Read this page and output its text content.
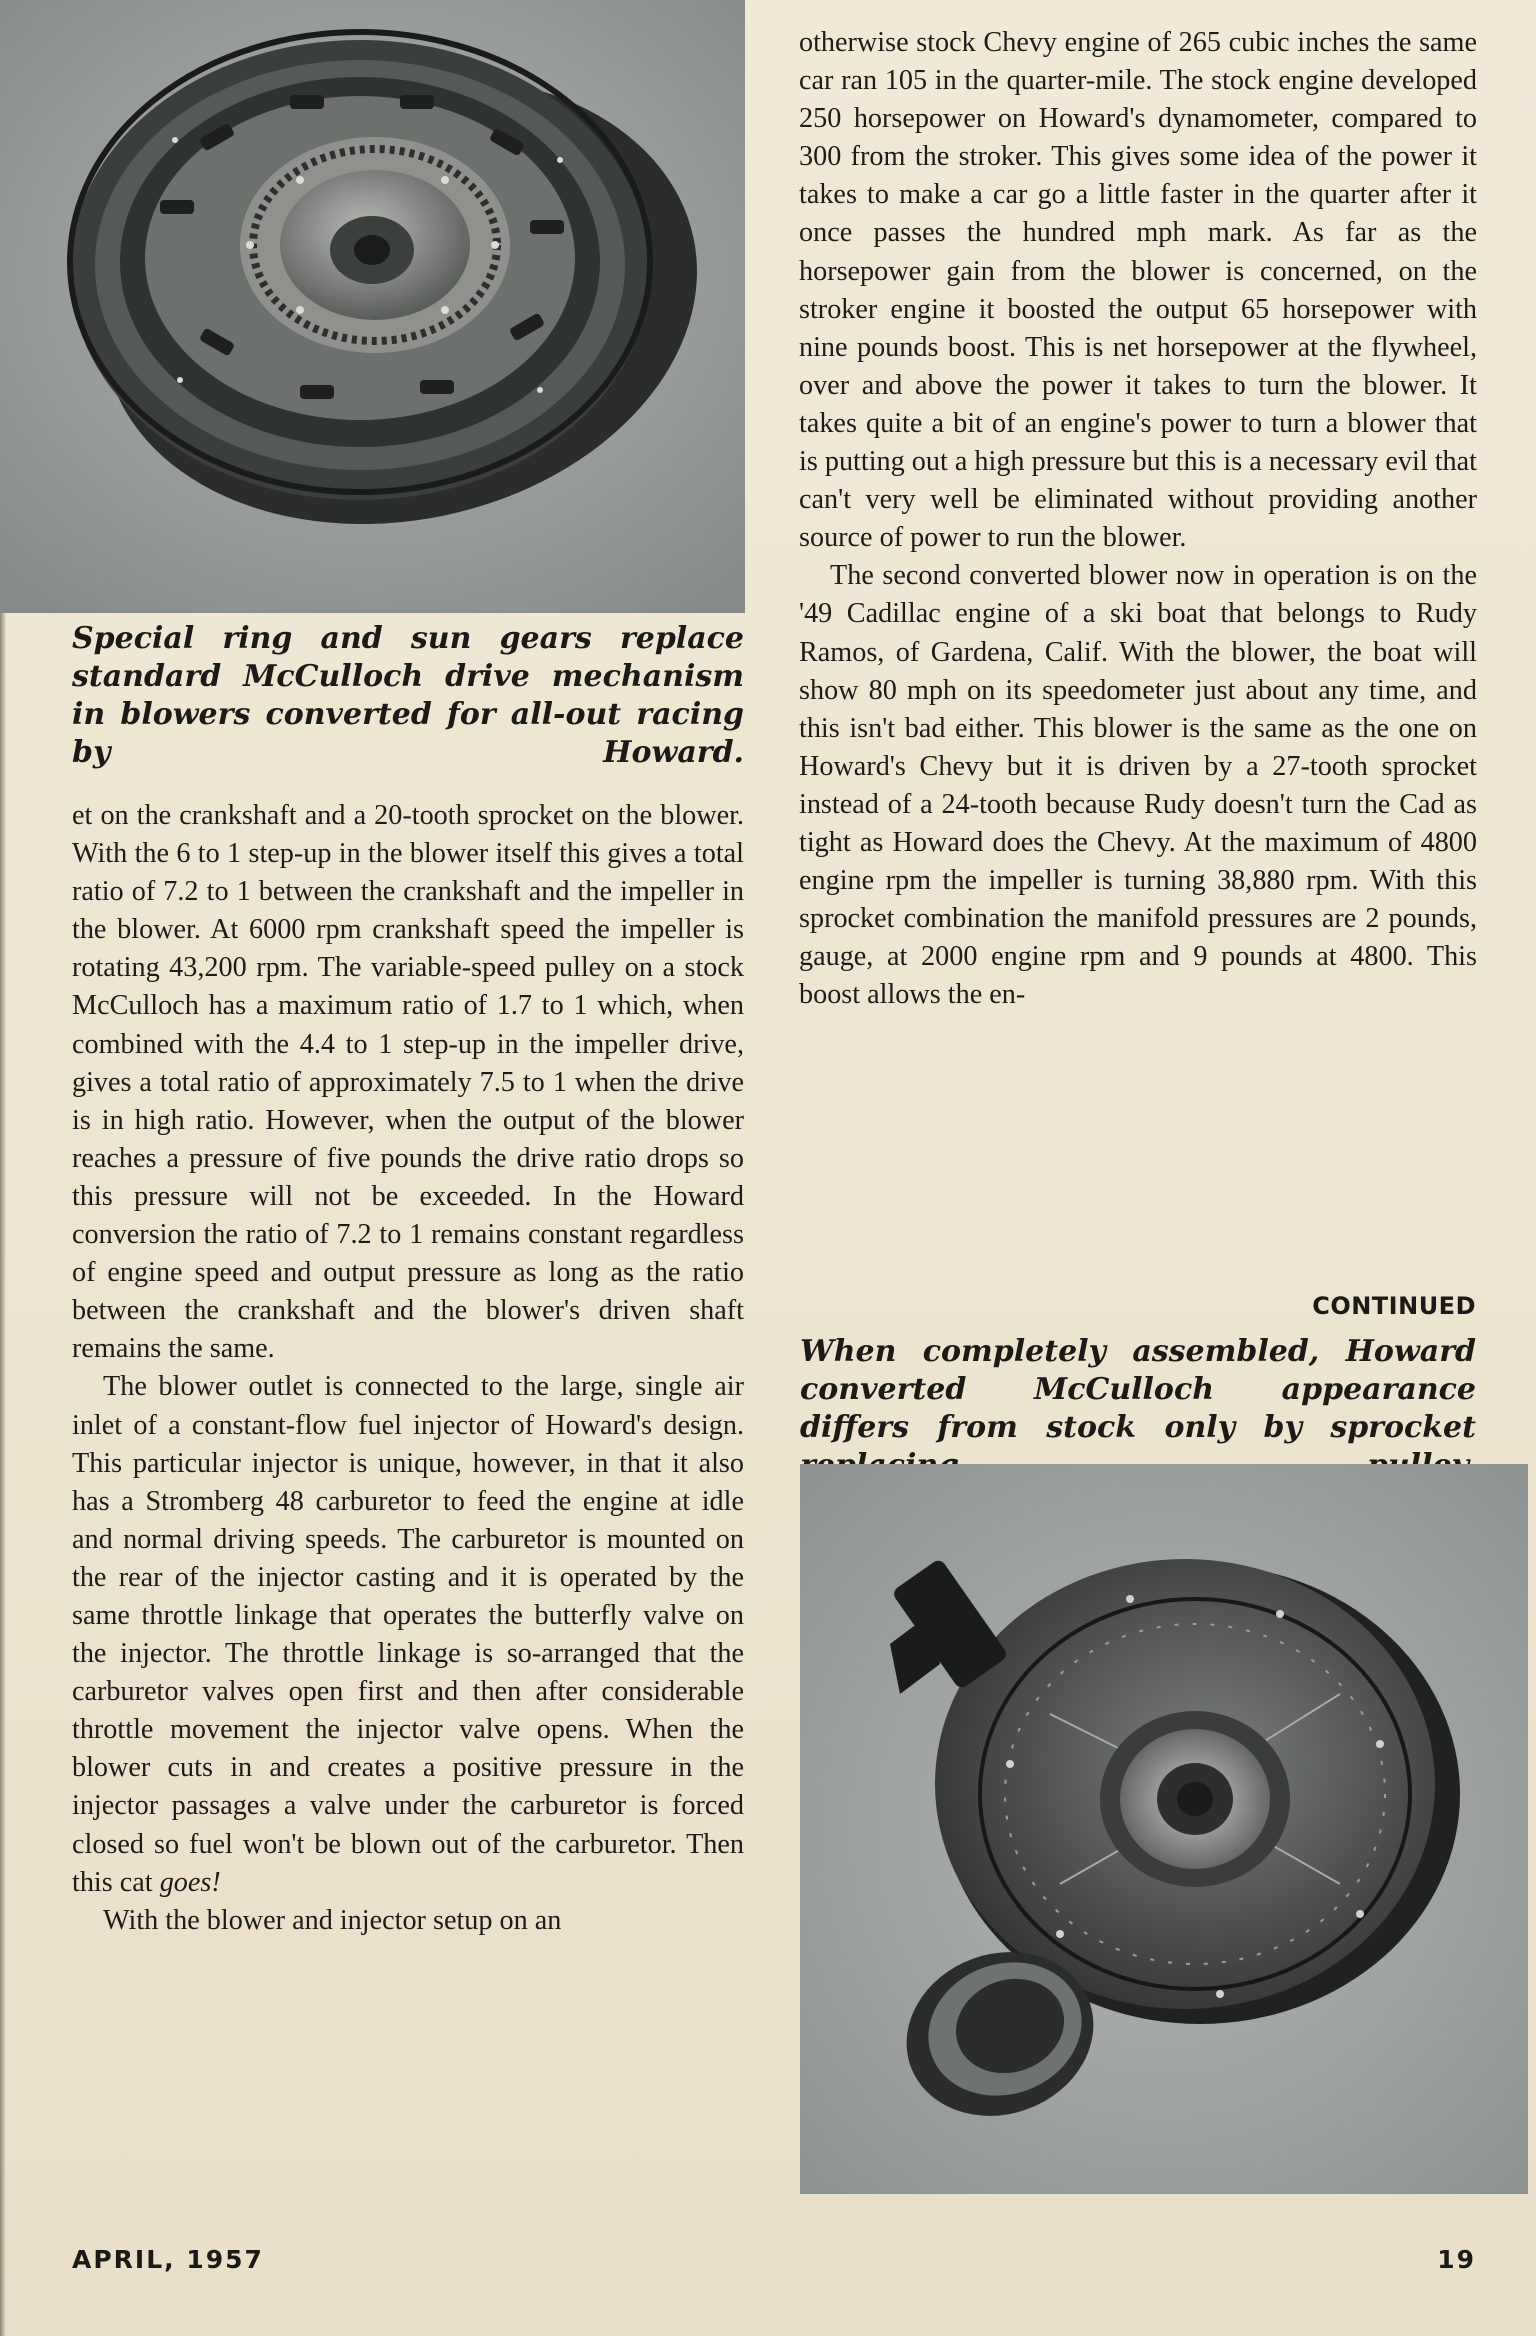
Special ring and sun gears replace standard McCulloch drive mechanism in blowers converted for all-out racing by Howard.

et on the crankshaft and a 20-tooth sprocket on the blower. With the 6 to 1 step-up in the blower itself this gives a total ratio of 7.2 to 1 between the crankshaft and the impeller in the blower. At 6000 rpm crankshaft speed the impeller is rotating 43,200 rpm. The variable-speed pulley on a stock McCulloch has a maximum ratio of 1.7 to 1 which, when combined with the 4.4 to 1 step-up in the impeller drive, gives a total ratio of approximately 7.5 to 1 when the drive is in high ratio. However, when the output of the blower reaches a pressure of five pounds the drive ratio drops so this pressure will not be exceeded. In the Howard conversion the ratio of 7.2 to 1 remains constant regardless of engine speed and output pressure as long as the ratio between the crankshaft and the blower's driven shaft remains the same.

The blower outlet is connected to the large, single air inlet of a constant-flow fuel injector of Howard's design. This particular injector is unique, however, in that it also has a Stromberg 48 carburetor to feed the engine at idle and normal driving speeds. The carburetor is mounted on the rear of the injector casting and it is operated by the same throttle linkage that operates the butterfly valve on the injector. The throttle linkage is so-arranged that the carburetor valves open first and then after considerable throttle movement the injector valve opens. When the blower cuts in and creates a positive pressure in the injector passages a valve under the carburetor is forced closed so fuel won't be blown out of the carburetor. Then this cat goes!

With the blower and injector setup on an

otherwise stock Chevy engine of 265 cubic inches the same car ran 105 in the quarter-mile. The stock engine developed 250 horsepower on Howard's dynamometer, compared to 300 from the stroker. This gives some idea of the power it takes to make a car go a little faster in the quarter after it once passes the hundred mph mark. As far as the horsepower gain from the blower is concerned, on the stroker engine it boosted the output 65 horsepower with nine pounds boost. This is net horsepower at the flywheel, over and above the power it takes to turn the blower. It takes quite a bit of an engine's power to turn a blower that is putting out a high pressure but this is a necessary evil that can't very well be eliminated without providing another source of power to run the blower.

The second converted blower now in operation is on the '49 Cadillac engine of a ski boat that belongs to Rudy Ramos, of Gardena, Calif. With the blower, the boat will show 80 mph on its speedometer just about any time, and this isn't bad either. This blower is the same as the one on Howard's Chevy but it is driven by a 27-tooth sprocket instead of a 24-tooth because Rudy doesn't turn the Cad as tight as Howard does the Chevy. At the maximum of 4800 engine rpm the impeller is turning 38,880 rpm. With this sprocket combination the manifold pressures are 2 pounds, gauge, at 2000 engine rpm and 9 pounds at 4800. This boost allows the en-

CONTINUED
When completely assembled, Howard converted McCulloch appearance differs from stock only by sprocket
APRIL, 1957	19
